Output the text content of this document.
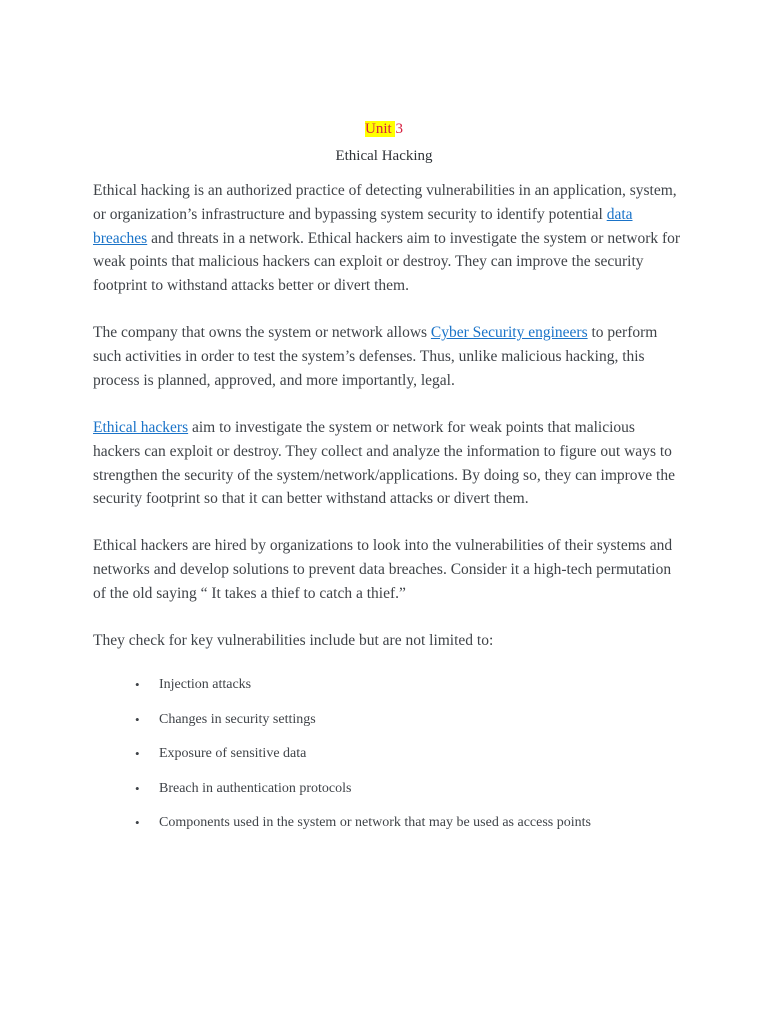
Unit 3
Ethical Hacking

Ethical hacking is an authorized practice of detecting vulnerabilities in an application, system, or organization’s infrastructure and bypassing system security to identify potential data breaches and threats in a network. Ethical hackers aim to investigate the system or network for weak points that malicious hackers can exploit or destroy. They can improve the security footprint to withstand attacks better or divert them.

The company that owns the system or network allows Cyber Security engineers to perform such activities in order to test the system’s defenses. Thus, unlike malicious hacking, this process is planned, approved, and more importantly, legal.

Ethical hackers aim to investigate the system or network for weak points that malicious hackers can exploit or destroy. They collect and analyze the information to figure out ways to strengthen the security of the system/network/applications. By doing so, they can improve the security footprint so that it can better withstand attacks or divert them.

Ethical hackers are hired by organizations to look into the vulnerabilities of their systems and networks and develop solutions to prevent data breaches. Consider it a high-tech permutation of the old saying “ It takes a thief to catch a thief.”

They check for key vulnerabilities include but are not limited to:

• Injection attacks
• Changes in security settings
• Exposure of sensitive data
• Breach in authentication protocols
• Components used in the system or network that may be used as access points
